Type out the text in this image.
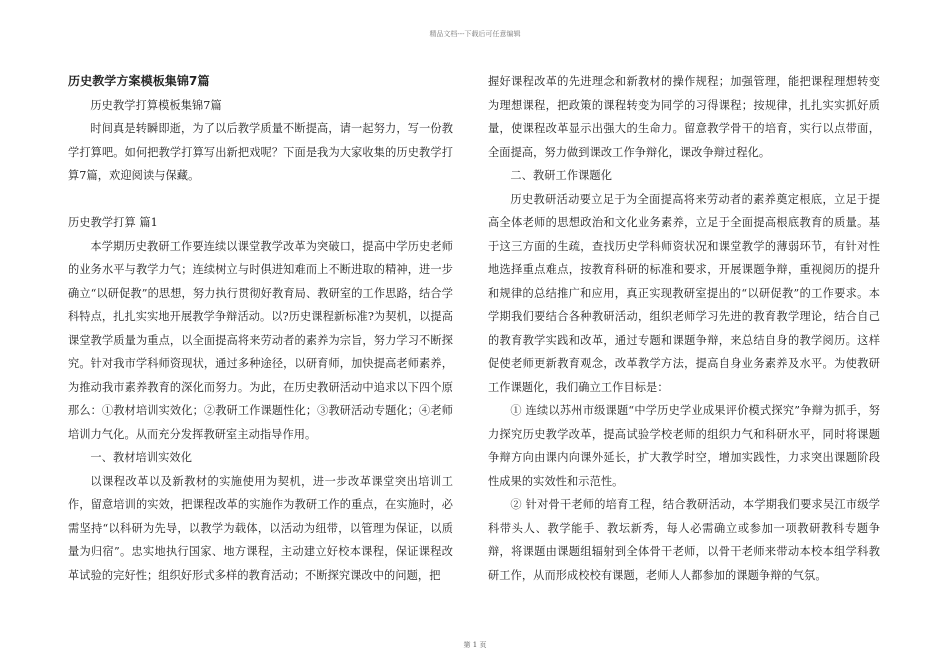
精品文档---下载后可任意编辑

历史教学方案模板集锦7篇

历史教学打算模板集锦7篇

时间真是转瞬即逝，为了以后教学质量不断提高，请一起努力，写一份教学打算吧。如何把教学打算写出新把戏呢？下面是我为大家收集的历史教学打算7篇，欢迎阅读与保藏。

历史教学打算 篇1

本学期历史教研工作要连续以课堂教学改革为突破口，提高中学历史老师的业务水平与教学力气；连续树立与时俱进知难而上不断进取的精神，进一步确立“以研促教”的思想，努力执行贯彻好教育局、教研室的工作思路，结合学科特点，扎扎实实地开展教学争辩活动。以?历史课程新标准?为契机，以提高课堂教学质量为重点，以全面提高将来劳动者的素养为宗旨，努力学习不断探究。针对我市学科师资现状，通过多种途径，以研育师，加快提高老师素养，为推动我市素养教育的深化而努力。为此，在历史教研活动中追求以下四个原那么：①教材培训实效化；②教研工作课题性化；③教研活动专题化；④老师培训力气化。从而充分发挥教研室主动指导作用。

一、教材培训实效化

以课程改革以及新教材的实施使用为契机，进一步改革课堂突出培训工作，留意培训的实效，把课程改革的实施作为教研工作的重点，在实施时，必需坚持“以科研为先导，以教学为载体，以活动为纽带，以管理为保证，以质量为归宿”。忠实地执行国家、地方课程，主动建立好校本课程，保证课程改革试验的完好性；组织好形式多样的教育活动；不断探究课改中的问题，把

握好课程改革的先进理念和新教材的操作规程；加强管理，能把课程理想转变为理想课程，把政策的课程转变为同学的习得课程；按规律，扎扎实实抓好质量，使课程改革显示出强大的生命力。留意教学骨干的培育，实行以点带面，全面提高，努力做到课改工作争辩化，课改争辩过程化。

二、教研工作课题化

历史教研活动要立足于为全面提高将来劳动者的素养奠定根底，立足于提高全体老师的思想政治和文化业务素养，立足于全面提高根底教育的质量。基于这三方面的生疏，查找历史学科师资状况和课堂教学的薄弱环节，有针对性地选择重点难点，按教育科研的标准和要求，开展课题争辩，重视阅历的提升和规律的总结推广和应用，真正实现教研室提出的“以研促教”的工作要求。本学期我们要结合各种教研活动，组织老师学习先进的教育教学理论，结合自己的教育教学实践和改革，通过专题和课题争辩，来总结自身的教学阅历。这样促使老师更新教育观念，改革教学方法，提高自身业务素养及水平。为使教研工作课题化，我们确立工作目标是：

① 连续以苏州市级课题“中学历史学业成果评价模式探究”争辩为抓手，努力探究历史教学改革，提高试验学校老师的组织力气和科研水平，同时将课题争辩方向由课内向课外延长，扩大教学时空，增加实践性，力求突出课题阶段性成果的实效性和示范性。

② 针对骨干老师的培育工程，结合教研活动，本学期我们要求吴江市级学科带头人、教学能手、教坛新秀，每人必需确立或参加一项教研教科专题争辩，将课题由课题组辐射到全体骨干老师，以骨干老师来带动本校本组学科教研工作，从而形成校校有课题，老师人人都参加的课题争辩的气氛。

第 1 页
